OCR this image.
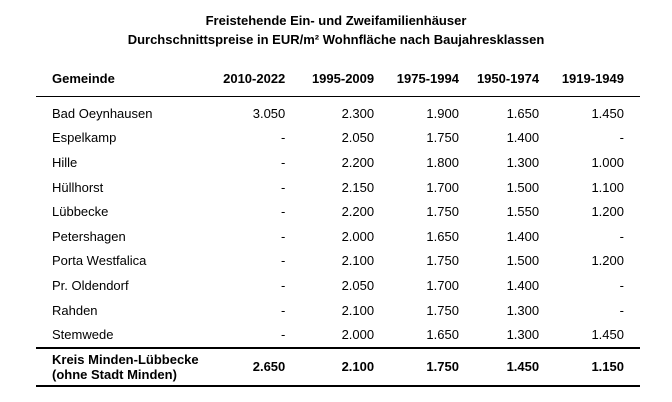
Freistehende Ein- und Zweifamilienhäuser
Durchschnittspreise in EUR/m² Wohnfläche nach Baujahresklassen
Gemeinde	2010-2022	1995-2009	1975-1994	1950-1974	1919-1949
Bad Oeynhausen	3.050	2.300	1.900	1.650	1.450
Espelkamp	-	2.050	1.750	1.400	-
Hille	-	2.200	1.800	1.300	1.000
Hüllhorst	-	2.150	1.700	1.500	1.100
Lübbecke	-	2.200	1.750	1.550	1.200
Petershagen	-	2.000	1.650	1.400	-
Porta Westfalica	-	2.100	1.750	1.500	1.200
Pr. Oldendorf	-	2.050	1.700	1.400	-
Rahden	-	2.100	1.750	1.300	-
Stemwede	-	2.000	1.650	1.300	1.450

Kreis Minden-Lübbecke
(ohne Stadt Minden)	2.650	2.100	1.750	1.450	1.150
